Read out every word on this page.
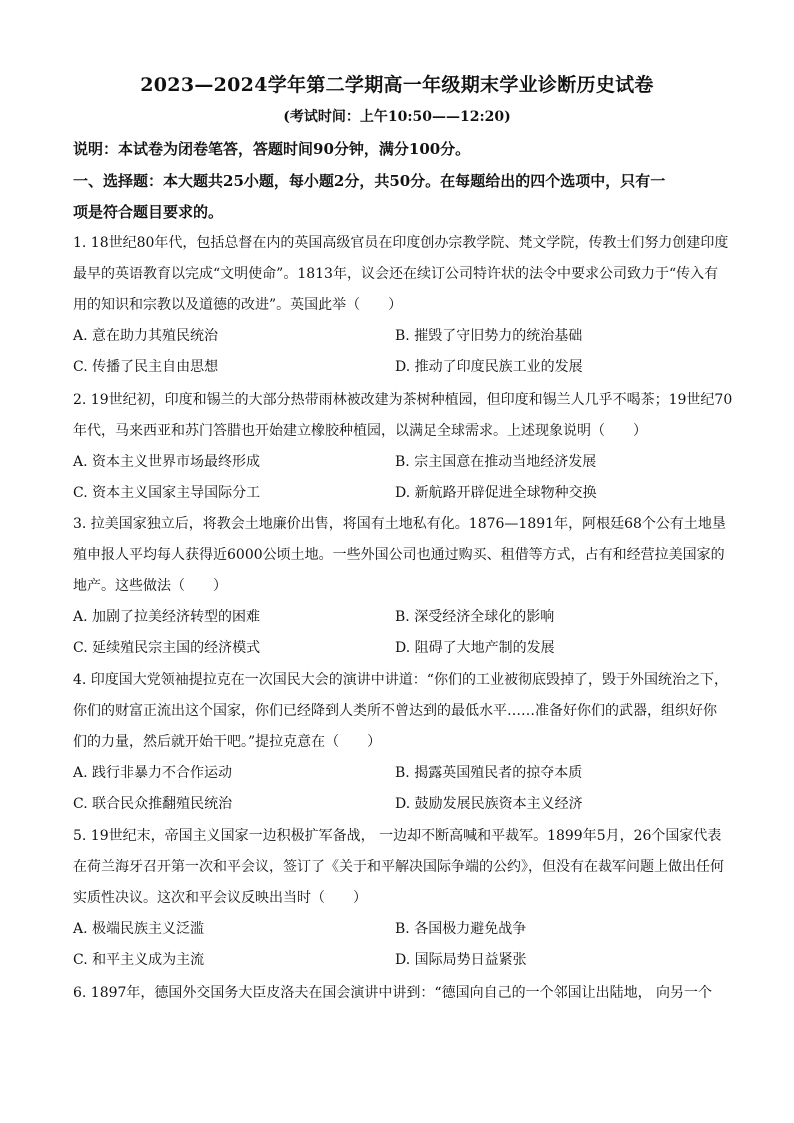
2023—2024学年第二学期高一年级期末学业诊断历史试卷
(考试时间：上午10:50——12:20)
说明：本试卷为闭卷笔答，答题时间90分钟，满分100分。
一、选择题：本大题共25小题，每小题2分，共50分。在每题给出的四个选项中，只有一
项是符合题目要求的。
1. 18世纪80年代，包括总督在内的英国高级官员在印度创办宗教学院、梵文学院，传教士们努力创建印度
最早的英语教育以完成“文明使命”。1813年，议会还在续订公司特许状的法令中要求公司致力于“传入有
用的知识和宗教以及道德的改进”。英国此举（　　）
A. 意在助力其殖民统治	B. 摧毁了守旧势力的统治基础
C. 传播了民主自由思想	D. 推动了印度民族工业的发展
2. 19世纪初，印度和锡兰的大部分热带雨林被改建为茶树种植园，但印度和锡兰人几乎不喝茶；19世纪70
年代，马来西亚和苏门答腊也开始建立橡胶种植园，以满足全球需求。上述现象说明（　　）
A. 资本主义世界市场最终形成	B. 宗主国意在推动当地经济发展
C. 资本主义国家主导国际分工	D. 新航路开辟促进全球物种交换
3. 拉美国家独立后，将教会土地廉价出售，将国有土地私有化。1876—1891年，阿根廷68个公有土地垦
殖申报人平均每人获得近6000公顷土地。一些外国公司也通过购买、租借等方式，占有和经营拉美国家的
地产。这些做法（　　）
A. 加剧了拉美经济转型的困难	B. 深受经济全球化的影响
C. 延续殖民宗主国的经济模式	D. 阻碍了大地产制的发展
4. 印度国大党领袖提拉克在一次国民大会的演讲中讲道：“你们的工业被彻底毁掉了，毁于外国统治之下，
你们的财富正流出这个国家，你们已经降到人类所不曾达到的最低水平……准备好你们的武器，组织好你
们的力量，然后就开始干吧。”提拉克意在（　　）
A. 践行非暴力不合作运动	B. 揭露英国殖民者的掠夺本质
C. 联合民众推翻殖民统治	D. 鼓励发展民族资本主义经济
5. 19世纪末，帝国主义国家一边积极扩军备战， 一边却不断高喊和平裁军。1899年5月，26个国家代表
在荷兰海牙召开第一次和平会议，签订了《关于和平解决国际争端的公约》，但没有在裁军问题上做出任何
实质性决议。这次和平会议反映出当时（　　）
A. 极端民族主义泛滥	B. 各国极力避免战争
C. 和平主义成为主流	D. 国际局势日益紧张
6. 1897年，德国外交国务大臣皮洛夫在国会演讲中讲到：“德国向自己的一个邻国让出陆地， 向另一个
